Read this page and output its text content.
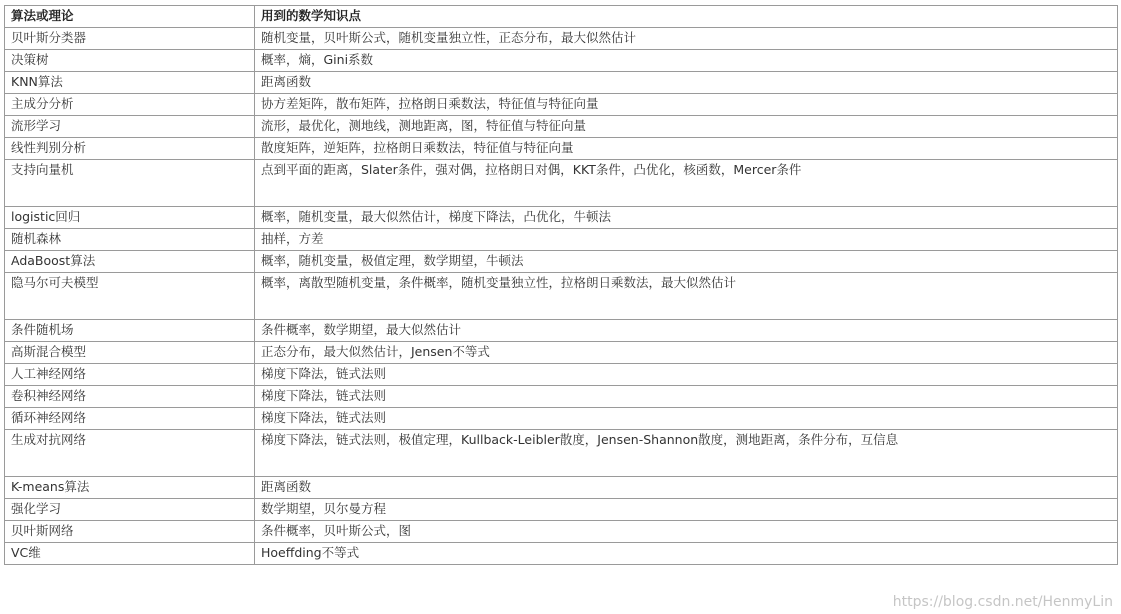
算法或理论	用到的数学知识点
贝叶斯分类器	随机变量，贝叶斯公式，随机变量独立性，正态分布，最大似然估计
决策树	概率，熵，Gini系数
KNN算法	距离函数
主成分分析	协方差矩阵，散布矩阵，拉格朗日乘数法，特征值与特征向量
流形学习	流形，最优化，测地线，测地距离，图，特征值与特征向量
线性判别分析	散度矩阵，逆矩阵，拉格朗日乘数法，特征值与特征向量
支持向量机	点到平面的距离，Slater条件，强对偶，拉格朗日对偶，KKT条件，凸优化，核函数，Mercer条件
logistic回归	概率，随机变量，最大似然估计，梯度下降法，凸优化，牛顿法
随机森林	抽样，方差
AdaBoost算法	概率，随机变量，极值定理，数学期望，牛顿法
隐马尔可夫模型	概率，离散型随机变量，条件概率，随机变量独立性，拉格朗日乘数法，最大似然估计
条件随机场	条件概率，数学期望，最大似然估计
高斯混合模型	正态分布，最大似然估计，Jensen不等式
人工神经网络	梯度下降法，链式法则
卷积神经网络	梯度下降法，链式法则
循环神经网络	梯度下降法，链式法则
生成对抗网络	梯度下降法，链式法则，极值定理，Kullback-Leibler散度，Jensen-Shannon散度，测地距离，条件分布，互信息
K-means算法	距离函数
强化学习	数学期望，贝尔曼方程
贝叶斯网络	条件概率，贝叶斯公式，图
VC维	Hoeffding不等式
https://blog.csdn.net/HenmyLin
